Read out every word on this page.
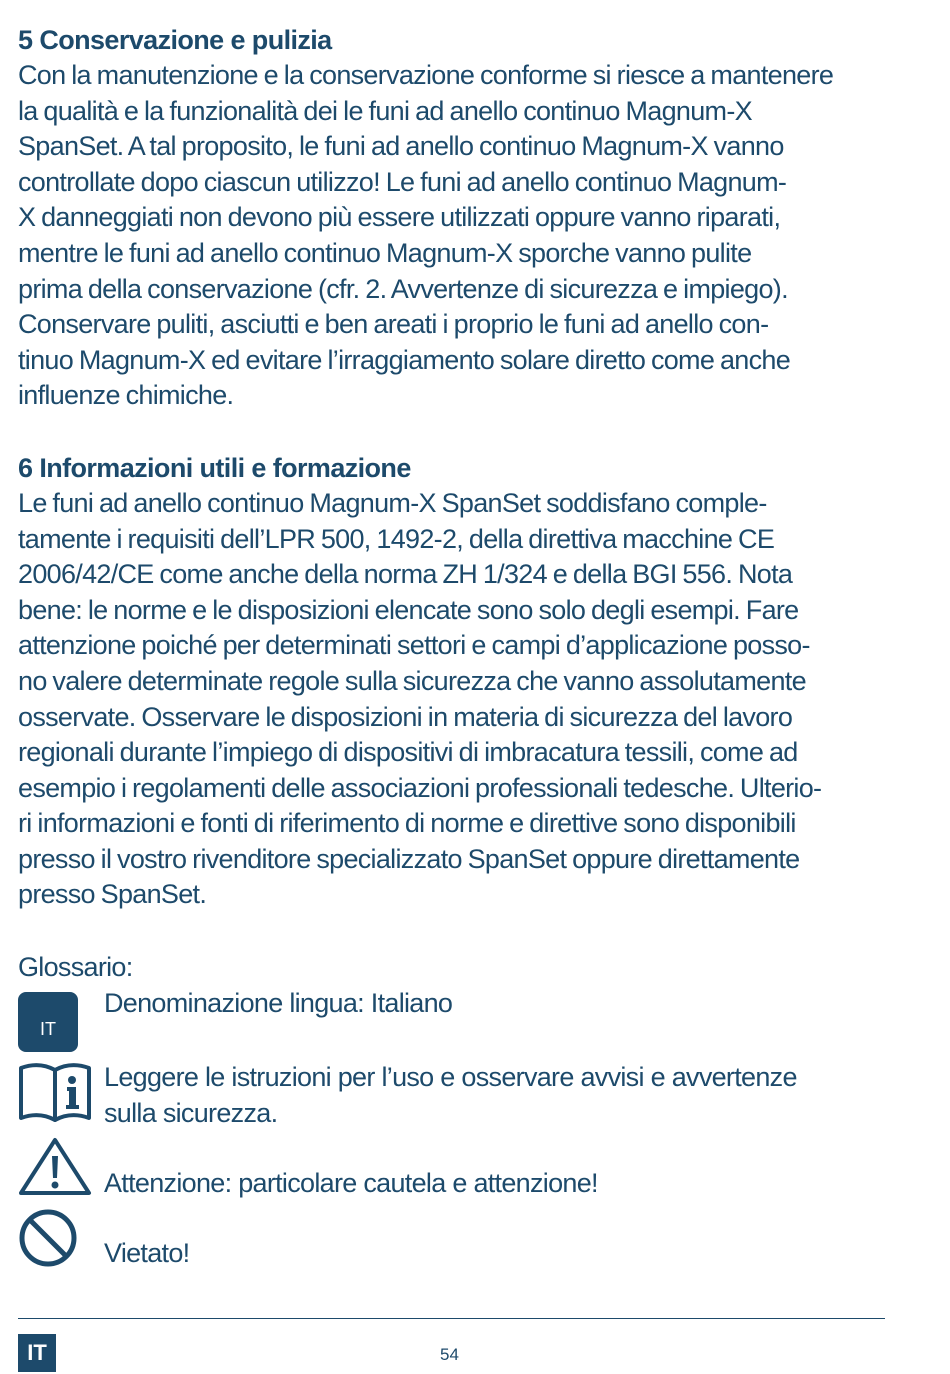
5 Conservazione e pulizia
Con la manutenzione e la conservazione conforme si riesce a mantenere
la qualità e la funzionalità dei le funi ad anello continuo Magnum-X
SpanSet. A tal proposito, le funi ad anello continuo Magnum-X vanno
controllate dopo ciascun utilizzo! Le funi ad anello continuo Magnum-
X danneggiati non devono più essere utilizzati oppure vanno riparati,
mentre le funi ad anello continuo Magnum-X sporche vanno pulite
prima della conservazione (cfr. 2. Avvertenze di sicurezza e impiego).
Conservare puliti, asciutti e ben areati i proprio le funi ad anello con-
tinuo Magnum-X ed evitare l’irraggiamento solare diretto come anche
influenze chimiche.
6 Informazioni utili e formazione
Le funi ad anello continuo Magnum-X SpanSet soddisfano comple-
tamente i requisiti dell’LPR 500, 1492-2, della direttiva macchine CE
2006/42/CE come anche della norma ZH 1/324 e della BGI 556. Nota
bene: le norme e le disposizioni elencate sono solo degli esempi. Fare
attenzione poiché per determinati settori e campi d’applicazione posso-
no valere determinate regole sulla sicurezza che vanno assolutamente
osservate. Osservare le disposizioni in materia di sicurezza del lavoro
regionali durante l’impiego di dispositivi di imbracatura tessili, come ad
esempio i regolamenti delle associazioni professionali tedesche. Ulterio-
ri informazioni e fonti di riferimento di norme e direttive sono disponibili
presso il vostro rivenditore specializzato SpanSet oppure direttamente
presso SpanSet.
Glossario:
IT
Denominazione lingua: Italiano
Leggere le istruzioni per l’uso e osservare avvisi e avvertenze
sulla sicurezza.
Attenzione: particolare cautela e attenzione!
Vietato!
IT	54
